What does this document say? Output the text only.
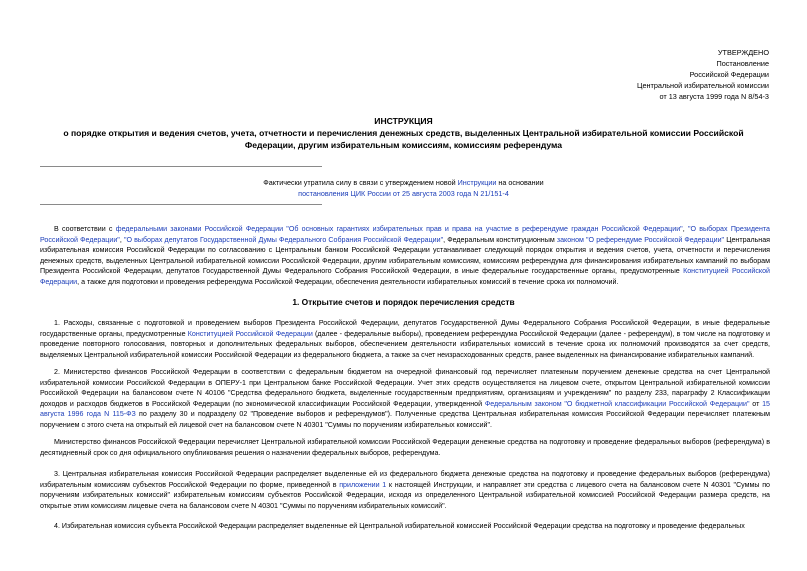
УТВЕРЖДЕНО
Постановление
Российской Федерации
Центральной избирательной комиссии
от 13 августа 1999 года N 8/54-3
ИНСТРУКЦИЯ
о порядке открытия и ведения счетов, учета, отчетности и перечисления денежных средств, выделенных Центральной избирательной комиссии Российской
Федерации, другим избирательным комиссиям, комиссиям референдума
Фактически утратила силу в связи с утверждением новой Инструкции на основании
постановления ЦИК России от 25 августа 2003 года N 21/151-4

В соответствии с федеральными законами Российской Федерации "Об основных гарантиях избирательных прав и права на участие в референдуме граждан Российской Федерации", "О выборах Президента Российской Федерации", "О выборах депутатов Государственной Думы Федерального Собрания Российской Федерации", Федеральным конституционным законом "О референдуме Российской Федерации" Центральная избирательная комиссия Российской Федерации по согласованию с Центральным банком Российской Федерации устанавливает следующий порядок открытия и ведения счетов, учета, отчетности и перечисления денежных средств, выделенных Центральной избирательной комиссии Российской Федерации, другим избирательным комиссиям, комиссиям референдума для финансирования избирательных кампаний по выборам Президента Российской Федерации, депутатов Государственной Думы Федерального Собрания Российской Федерации, в иные федеральные государственные органы, предусмотренные Конституцией Российской Федерации, а также для подготовки и проведения референдума Российской Федерации, обеспечения деятельности избирательных комиссий в течение срока их полномочий.

1. Открытие счетов и порядок перечисления средств

1. Расходы, связанные с подготовкой и проведением выборов Президента Российской Федерации, депутатов Государственной Думы Федерального Собрания Российской Федерации, в иные федеральные государственные органы, предусмотренные Конституцией Российской Федерации (далее - федеральные выборы), проведением референдума Российской Федерации (далее - референдум), в том числе на подготовку и проведение повторного голосования, повторных и дополнительных федеральных выборов, обеспечением деятельности избирательных комиссий в течение срока их полномочий производятся за счет средств, выделяемых Центральной избирательной комиссии Российской Федерации из федерального бюджета, а также за счет неизрасходованных средств, ранее выделенных на финансирование избирательных кампаний.

2. Министерство финансов Российской Федерации в соответствии с федеральным бюджетом на очередной финансовый год перечисляет платежным поручением денежные средства на счет Центральной избирательной комиссии Российской Федерации в ОПЕРУ-1 при Центральном банке Российской Федерации. Учет этих средств осуществляется на лицевом счете, открытом Центральной избирательной комиссии Российской Федерации на балансовом счете N 40106 "Средства федерального бюджета, выделенные государственным предприятиям, организациям и учреждениям" по разделу 233, параграфу 2 Классификации доходов и расходов бюджетов в Российской Федерации (по экономической классификации Российской Федерации, утвержденной Федеральным законом "О бюджетной классификации Российской Федерации" от 15 августа 1996 года N 115-ФЗ по разделу 30 и подразделу 02 "Проведение выборов и референдумов"). Полученные средства Центральная избирательная комиссия Российской Федерации перечисляет платежным поручением с этого счета на открытый ей лицевой счет на балансовом счете N 40301 "Суммы по поручениям избирательных комиссий".

Министерство финансов Российской Федерации перечисляет Центральной избирательной комиссии Российской Федерации денежные средства на подготовку и проведение федеральных выборов (референдума) в десятидневный срок со дня официального опубликования решения о назначении федеральных выборов, референдума.

3. Центральная избирательная комиссия Российской Федерации распределяет выделенные ей из федерального бюджета денежные средства на подготовку и проведение федеральных выборов (референдума) избирательным комиссиям субъектов Российской Федерации по форме, приведенной в приложении 1 к настоящей Инструкции, и направляет эти средства с лицевого счета на балансовом счете N 40301 "Суммы по поручениям избирательных комиссий" избирательным комиссиям субъектов Российской Федерации, исходя из определенного Центральной избирательной комиссией Российской Федерации размера средств, на открытые этим комиссиям лицевые счета на балансовом счете N 40301 "Суммы по поручениям избирательных комиссий".

4. Избирательная комиссия субъекта Российской Федерации распределяет выделенные ей Центральной избирательной комиссией Российской Федерации средства на подготовку и проведение федеральных
